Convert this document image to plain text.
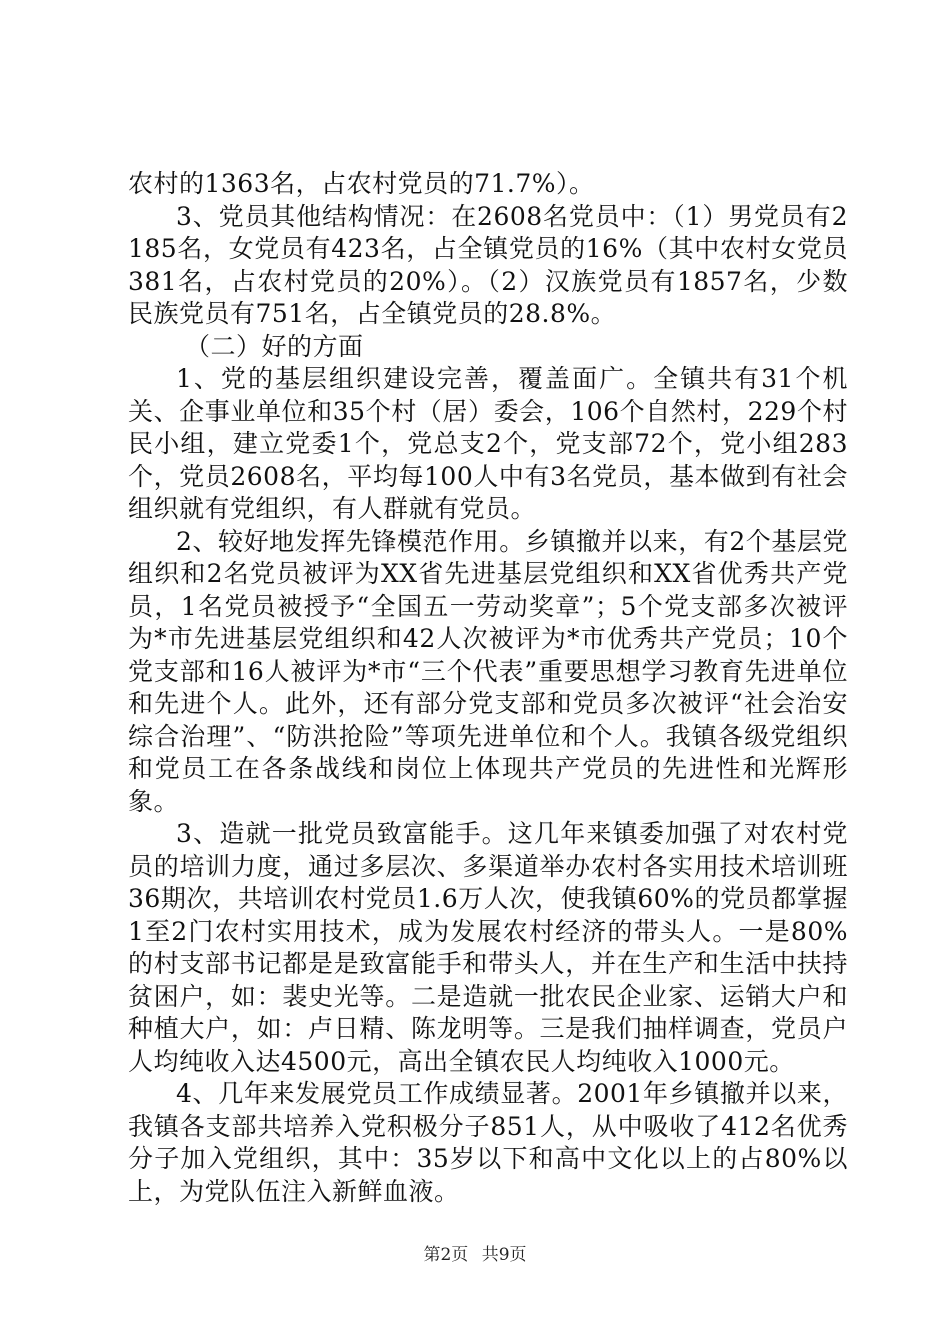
农村的1363名，占农村党员的71.7%）。

3、党员其他结构情况：在2608名党员中：（1）男党员有2185名，女党员有423名，占全镇党员的16%（其中农村女党员381名，占农村党员的20%）。（2）汉族党员有1857名，少数民族党员有751名，占全镇党员的28.8%。

（二）好的方面

1、党的基层组织建设完善，覆盖面广。全镇共有31个机关、企事业单位和35个村（居）委会，106个自然村，229个村民小组，建立党委1个，党总支2个，党支部72个，党小组283个，党员2608名，平均每100人中有3名党员，基本做到有社会组织就有党组织，有人群就有党员。

2、较好地发挥先锋模范作用。乡镇撤并以来，有2个基层党组织和2名党员被评为XX省先进基层党组织和XX省优秀共产党员，1名党员被授予“全国五一劳动奖章”；5个党支部多次被评为*市先进基层党组织和42人次被评为*市优秀共产党员；10个党支部和16人被评为*市“三个代表”重要思想学习教育先进单位和先进个人。此外，还有部分党支部和党员多次被评“社会治安综合治理”、“防洪抢险”等项先进单位和个人。我镇各级党组织和党员工在各条战线和岗位上体现共产党员的先进性和光辉形象。

3、造就一批党员致富能手。这几年来镇委加强了对农村党员的培训力度，通过多层次、多渠道举办农村各实用技术培训班36期次，共培训农村党员1.6万人次，使我镇60%的党员都掌握1至2门农村实用技术，成为发展农村经济的带头人。一是80%的村支部书记都是是致富能手和带头人，并在生产和生活中扶持贫困户，如：裴史光等。二是造就一批农民企业家、运销大户和种植大户，如：卢日精、陈龙明等。三是我们抽样调查，党员户人均纯收入达4500元，高出全镇农民人均纯收入1000元。

4、几年来发展党员工作成绩显著。2001年乡镇撤并以来，我镇各支部共培养入党积极分子851人，从中吸收了412名优秀分子加入党组织，其中：35岁以下和高中文化以上的占80%以上，为党队伍注入新鲜血液。

第2页 共9页
